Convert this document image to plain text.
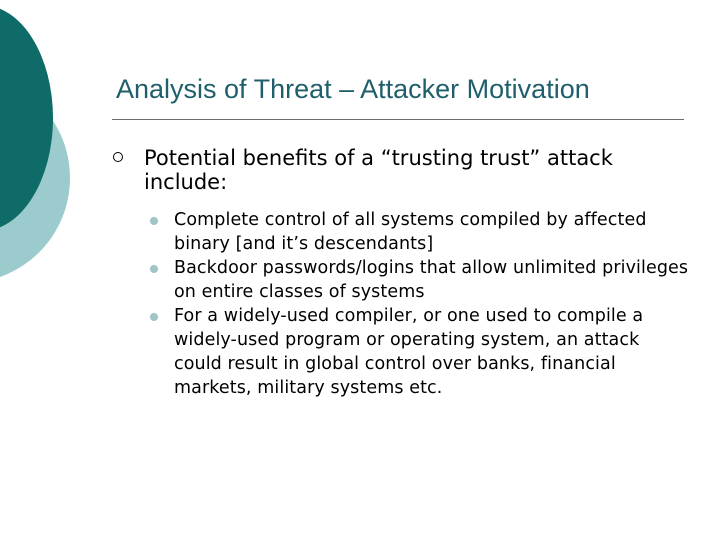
Analysis of Threat – Attacker Motivation
Potential benefits of a “trusting trust” attack include:
Complete control of all systems compiled by affected binary [and it’s descendants]
Backdoor passwords/logins that allow unlimited privileges on entire classes of systems
For a widely-used compiler, or one used to compile a widely-used program or operating system, an attack could result in global control over banks, financial markets, military systems etc.
